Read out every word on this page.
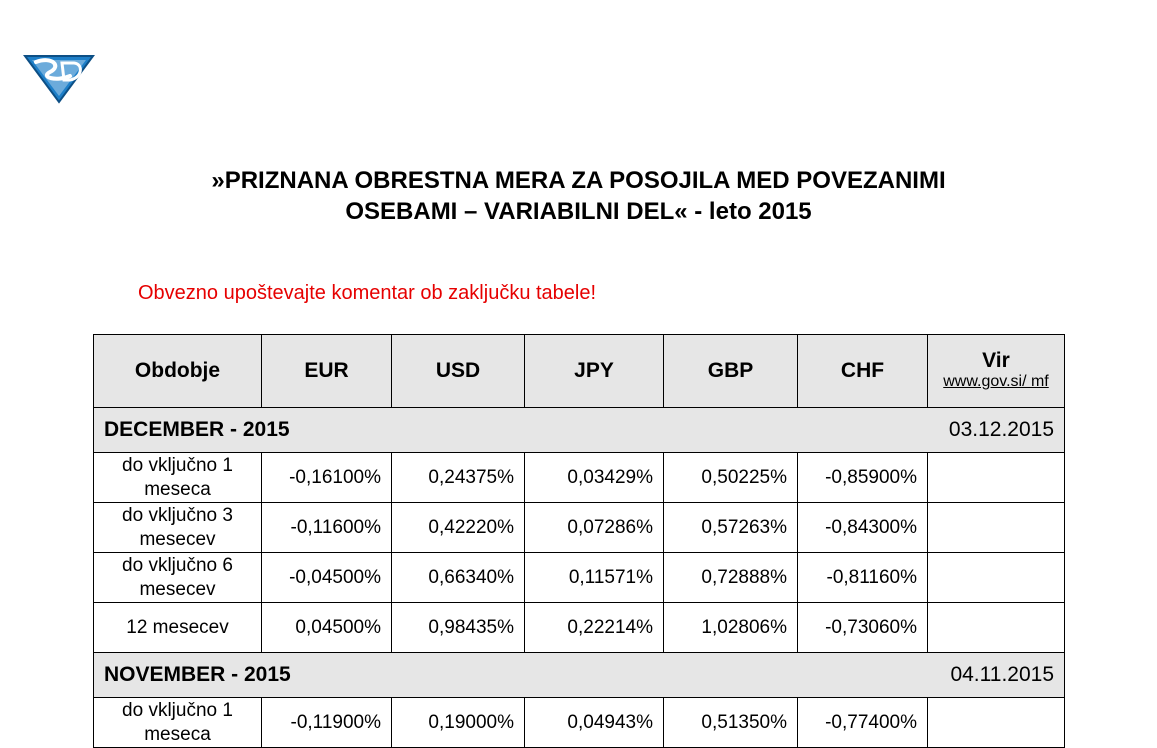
»PRIZNANA OBRESTNA MERA ZA POSOJILA MED POVEZANIMI
OSEBAMI – VARIABILNI DEL« - leto 2015
Obvezno upoštevajte komentar ob zaključku tabele!
Obdobje	EUR	USD	JPY	GBP	CHF	Vir
www.gov.si/ mf

DECEMBER - 2015						03.12.2015
do vključno 1 meseca	-0,16100%	0,24375%	0,03429%	0,50225%	-0,85900%	
do vključno 3 mesecev	-0,11600%	0,42220%	0,07286%	0,57263%	-0,84300%	
do vključno 6 mesecev	-0,04500%	0,66340%	0,11571%	0,72888%	-0,81160%	
12 mesecev	0,04500%	0,98435%	0,22214%	1,02806%	-0,73060%	
NOVEMBER - 2015						04.11.2015
do vključno 1 meseca	-0,11900%	0,19000%	0,04943%	0,51350%	-0,77400%	
